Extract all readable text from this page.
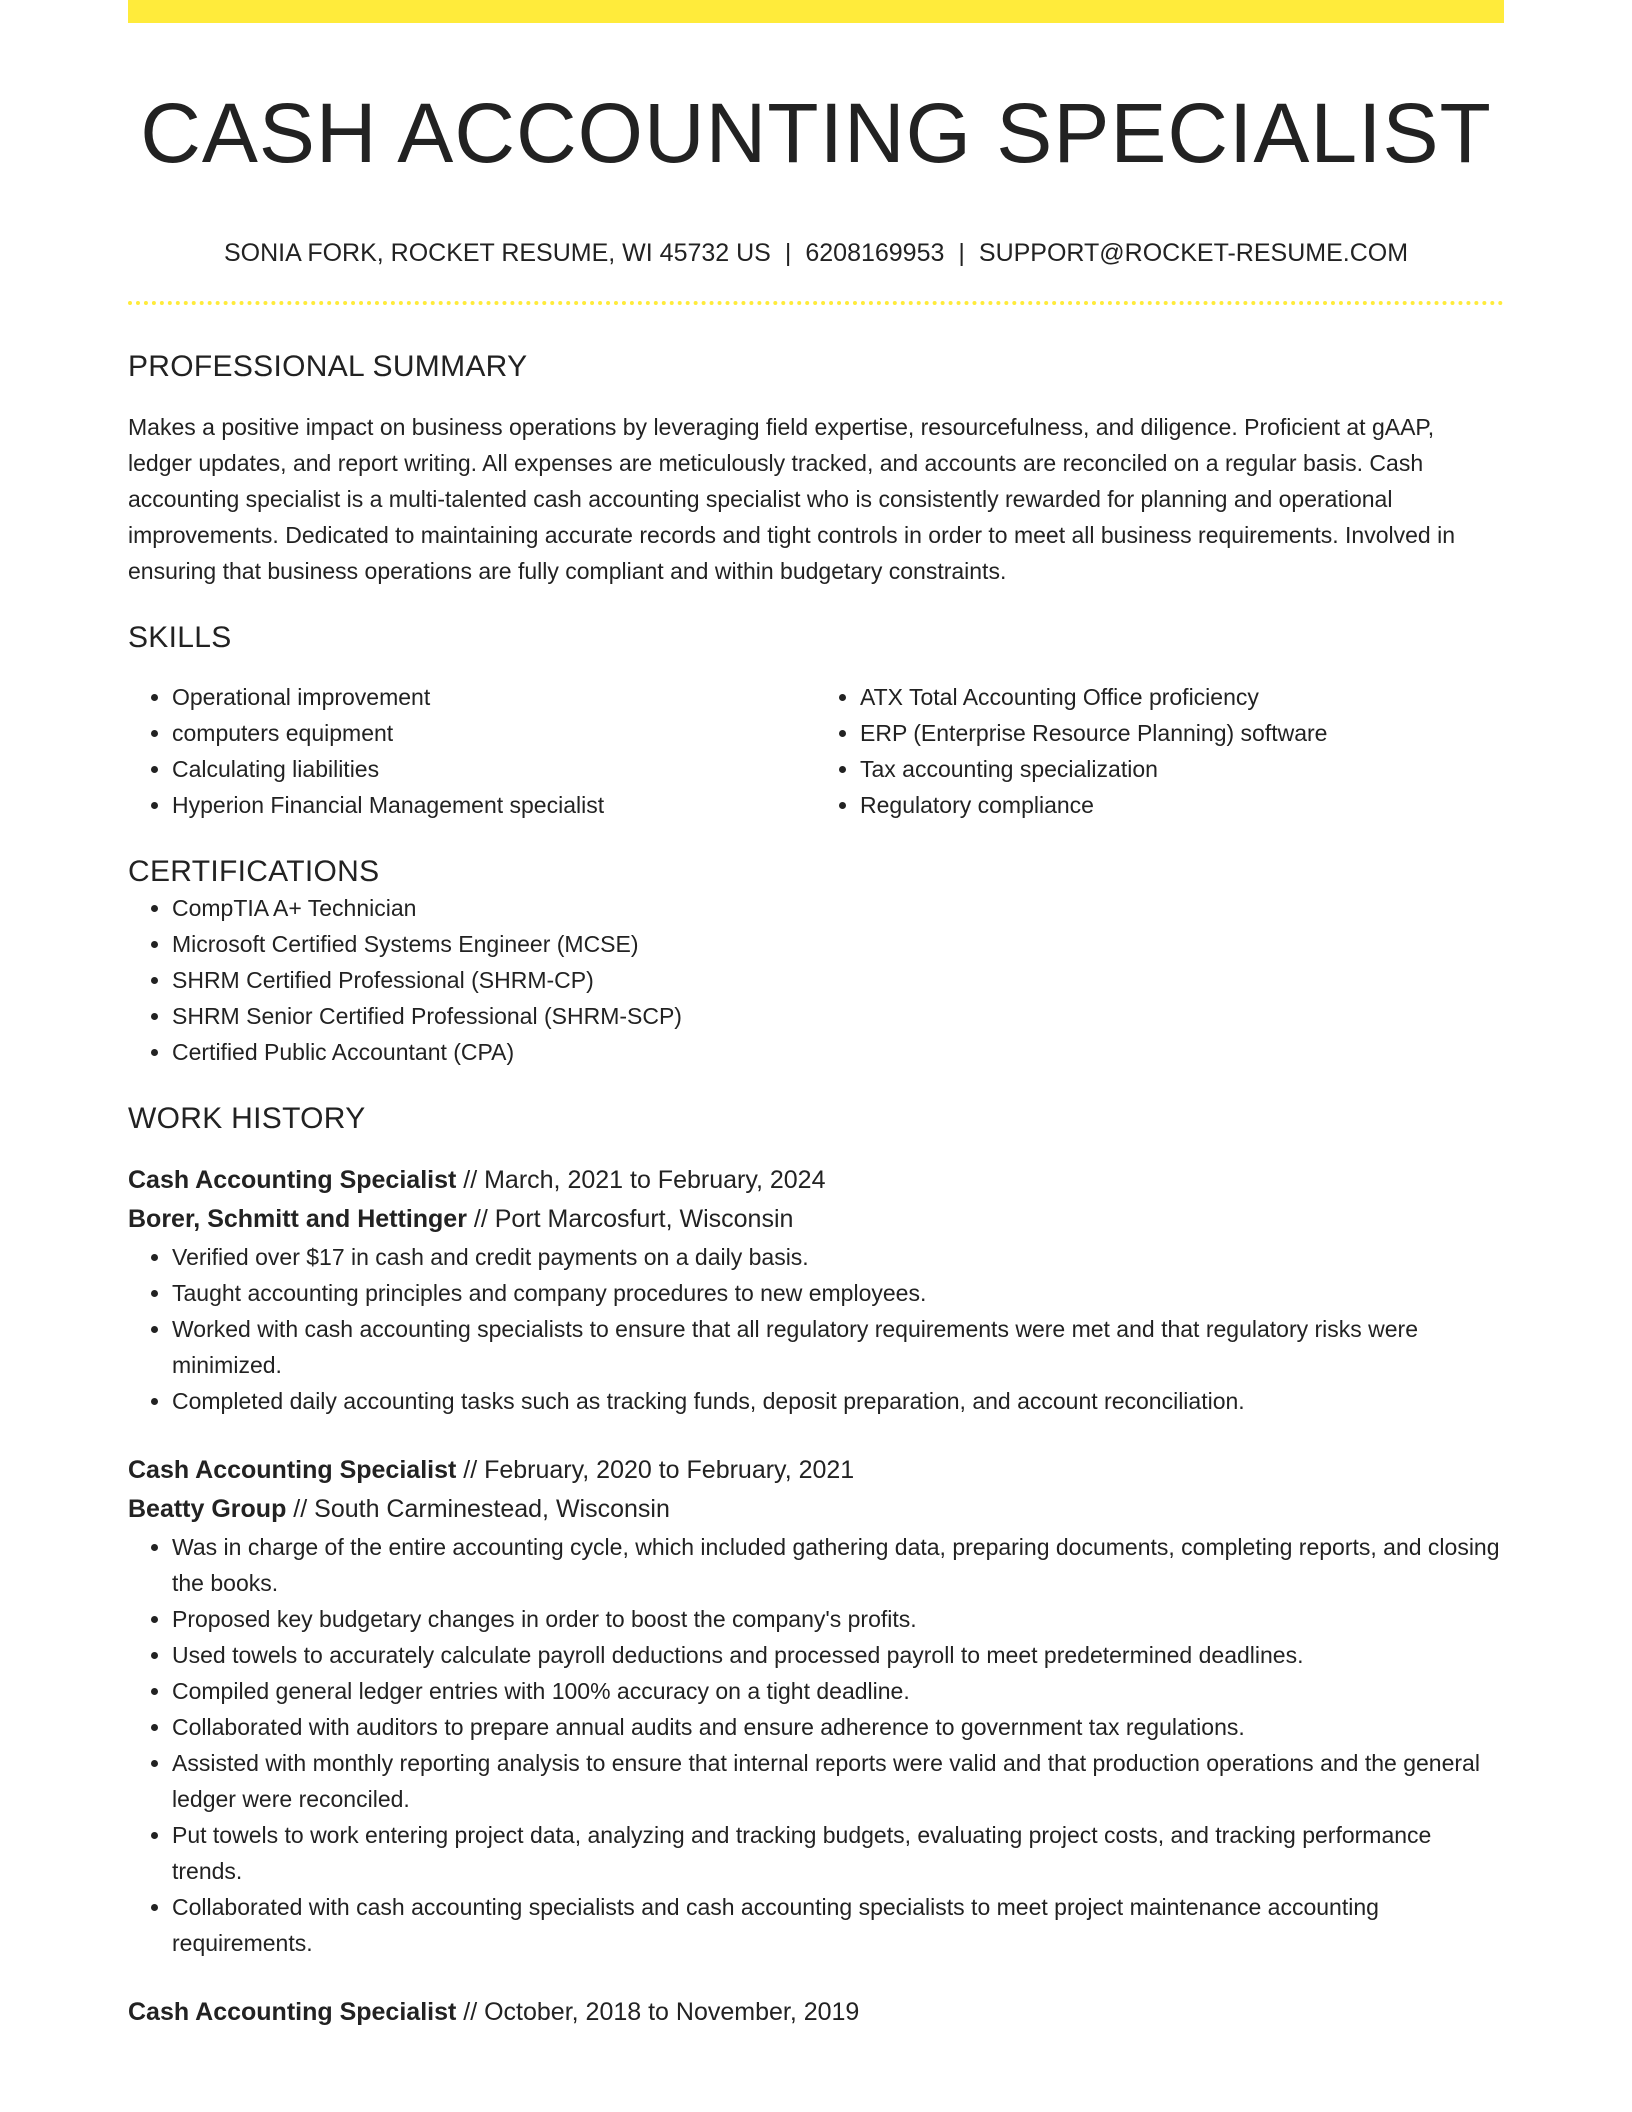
CASH ACCOUNTING SPECIALIST
SONIA FORK, ROCKET RESUME, WI 45732 US | 6208169953 | SUPPORT@ROCKET-RESUME.COM
PROFESSIONAL SUMMARY

Makes a positive impact on business operations by leveraging field expertise, resourcefulness, and diligence. Proficient at gAAP, ledger updates, and report writing. All expenses are meticulously tracked, and accounts are reconciled on a regular basis. Cash accounting specialist is a multi-talented cash accounting specialist who is consistently rewarded for planning and operational improvements. Dedicated to maintaining accurate records and tight controls in order to meet all business requirements. Involved in ensuring that business operations are fully compliant and within budgetary constraints.

SKILLS
• Operational improvement
• computers equipment
• Calculating liabilities
• Hyperion Financial Management specialist
• ATX Total Accounting Office proficiency
• ERP (Enterprise Resource Planning) software
• Tax accounting specialization
• Regulatory compliance
CERTIFICATIONS
• CompTIA A+ Technician
• Microsoft Certified Systems Engineer (MCSE)
• SHRM Certified Professional (SHRM-CP)
• SHRM Senior Certified Professional (SHRM-SCP)
• Certified Public Accountant (CPA)
WORK HISTORY
Cash Accounting Specialist // March, 2021 to February, 2024
Borer, Schmitt and Hettinger // Port Marcosfurt, Wisconsin
• Verified over $17 in cash and credit payments on a daily basis.
• Taught accounting principles and company procedures to new employees.
• Worked with cash accounting specialists to ensure that all regulatory requirements were met and that regulatory risks were minimized.
• Completed daily accounting tasks such as tracking funds, deposit preparation, and account reconciliation.
Cash Accounting Specialist // February, 2020 to February, 2021
Beatty Group // South Carminestead, Wisconsin
• Was in charge of the entire accounting cycle, which included gathering data, preparing documents, completing reports, and closing the books.
• Proposed key budgetary changes in order to boost the company's profits.
• Used towels to accurately calculate payroll deductions and processed payroll to meet predetermined deadlines.
• Compiled general ledger entries with 100% accuracy on a tight deadline.
• Collaborated with auditors to prepare annual audits and ensure adherence to government tax regulations.
• Assisted with monthly reporting analysis to ensure that internal reports were valid and that production operations and the general ledger were reconciled.
• Put towels to work entering project data, analyzing and tracking budgets, evaluating project costs, and tracking performance trends.
• Collaborated with cash accounting specialists and cash accounting specialists to meet project maintenance accounting requirements.
Cash Accounting Specialist // October, 2018 to November, 2019
